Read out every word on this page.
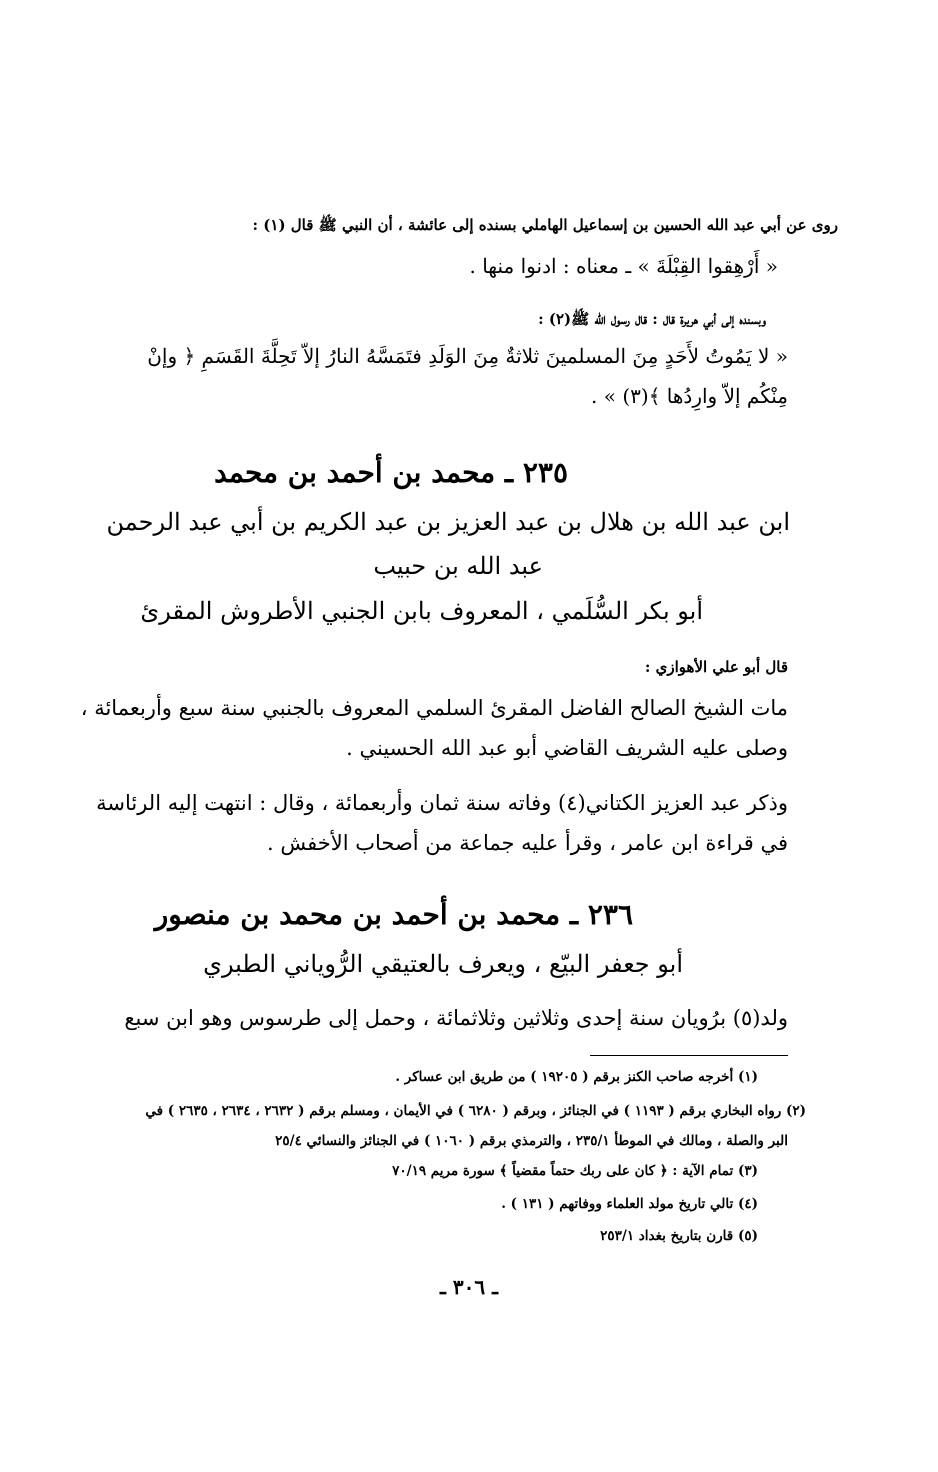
روى عن أبي عبد الله الحسين بن إسماعيل الهاملي بسنده إلى عائشة ، أن النبي ﷺ قال (١) :
« أَرْهِقوا القِبْلَةَ » ـ معناه : ادنوا منها .
وبسنده إلى أبي هريرة قال : قال رسول الله ﷺ(٢) :
« لا يَمُوتُ لأَحَدٍ مِنَ المسلمينَ ثلاثةٌ مِنَ الوَلَدِ فتَمَسَّهُ النارُ إلاّ تَحِلَّةَ القَسَمِ ﴿ وإنْ
مِنْكُم إلاّ وارِدُها ﴾(٣) » .
٢٣٥ ـ محمد بن أحمد بن محمد
ابن عبد الله بن هلال بن عبد العزيز بن عبد الكريم بن أبي عبد الرحمن
عبد الله بن حبيب
أبو بكر السُّلَمي ، المعروف بابن الجنبي الأطروش المقرئ
قال أبو علي الأهوازي :
مات الشيخ الصالح الفاضل المقرئ السلمي المعروف بالجنبي سنة سبع وأربعمائة ،
وصلى عليه الشريف القاضي أبو عبد الله الحسيني .
وذكر عبد العزيز الكتاني(٤) وفاته سنة ثمان وأربعمائة ، وقال : انتهت إليه الرئاسة
في قراءة ابن عامر ، وقرأ عليه جماعة من أصحاب الأخفش .
٢٣٦ ـ محمد بن أحمد بن محمد بن منصور
أبو جعفر البيّع ، ويعرف بالعتيقي الرُّوياني الطبري
ولد(٥) برُويان سنة إحدى وثلاثين وثلاثمائة ، وحمل إلى طرسوس وهو ابن سبع
(١) أخرجه صاحب الكنز برقم ( ١٩٢٠٥ ) من طريق ابن عساكر .
(٢) رواه البخاري برقم ( ١١٩٣ ) في الجنائز ، وبرقم ( ٦٢٨٠ ) في الأيمان ، ومسلم برقم ( ٢٦٣٢ ، ٢٦٣٤ ، ٢٦٣٥ ) في
البر والصلة ، ومالك في الموطأ ٢٣٥/١ ، والترمذي برقم ( ١٠٦٠ ) في الجنائز والنسائي ٢٥/٤
(٣) تمام الآية : ﴿ كان على ربك حتماً مقضياً ﴾ سورة مريم ٧٠/١٩
(٤) تالي تاريخ مولد العلماء ووفاتهم ( ١٣١ ) .
(٥) قارن بتاريخ بغداد ٢٥٣/١
ـ ٣٠٦ ـ
